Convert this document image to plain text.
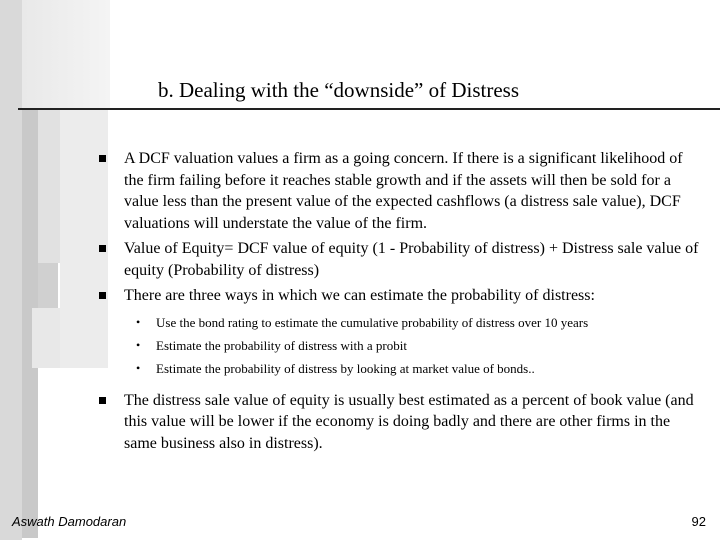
b. Dealing with the “downside” of Distress
A DCF valuation values a firm as a going concern. If there is a significant likelihood of the firm failing before it reaches stable growth and if the assets will then be sold for a value less than the present value of the expected cashflows (a distress sale value), DCF valuations will understate the value of the firm.
Value of Equity= DCF value of equity (1 - Probability of distress) + Distress sale value of equity (Probability of distress)
There are three ways in which we can estimate the probability of distress:
• Use the bond rating to estimate the cumulative probability of distress over 10 years
• Estimate the probability of distress with a probit
• Estimate the probability of distress by looking at market value of bonds..
The distress sale value of equity is usually best estimated as a percent of book value (and this value will be lower if the economy is doing badly and there are other firms in the same business also in distress).
Aswath Damodaran	92
